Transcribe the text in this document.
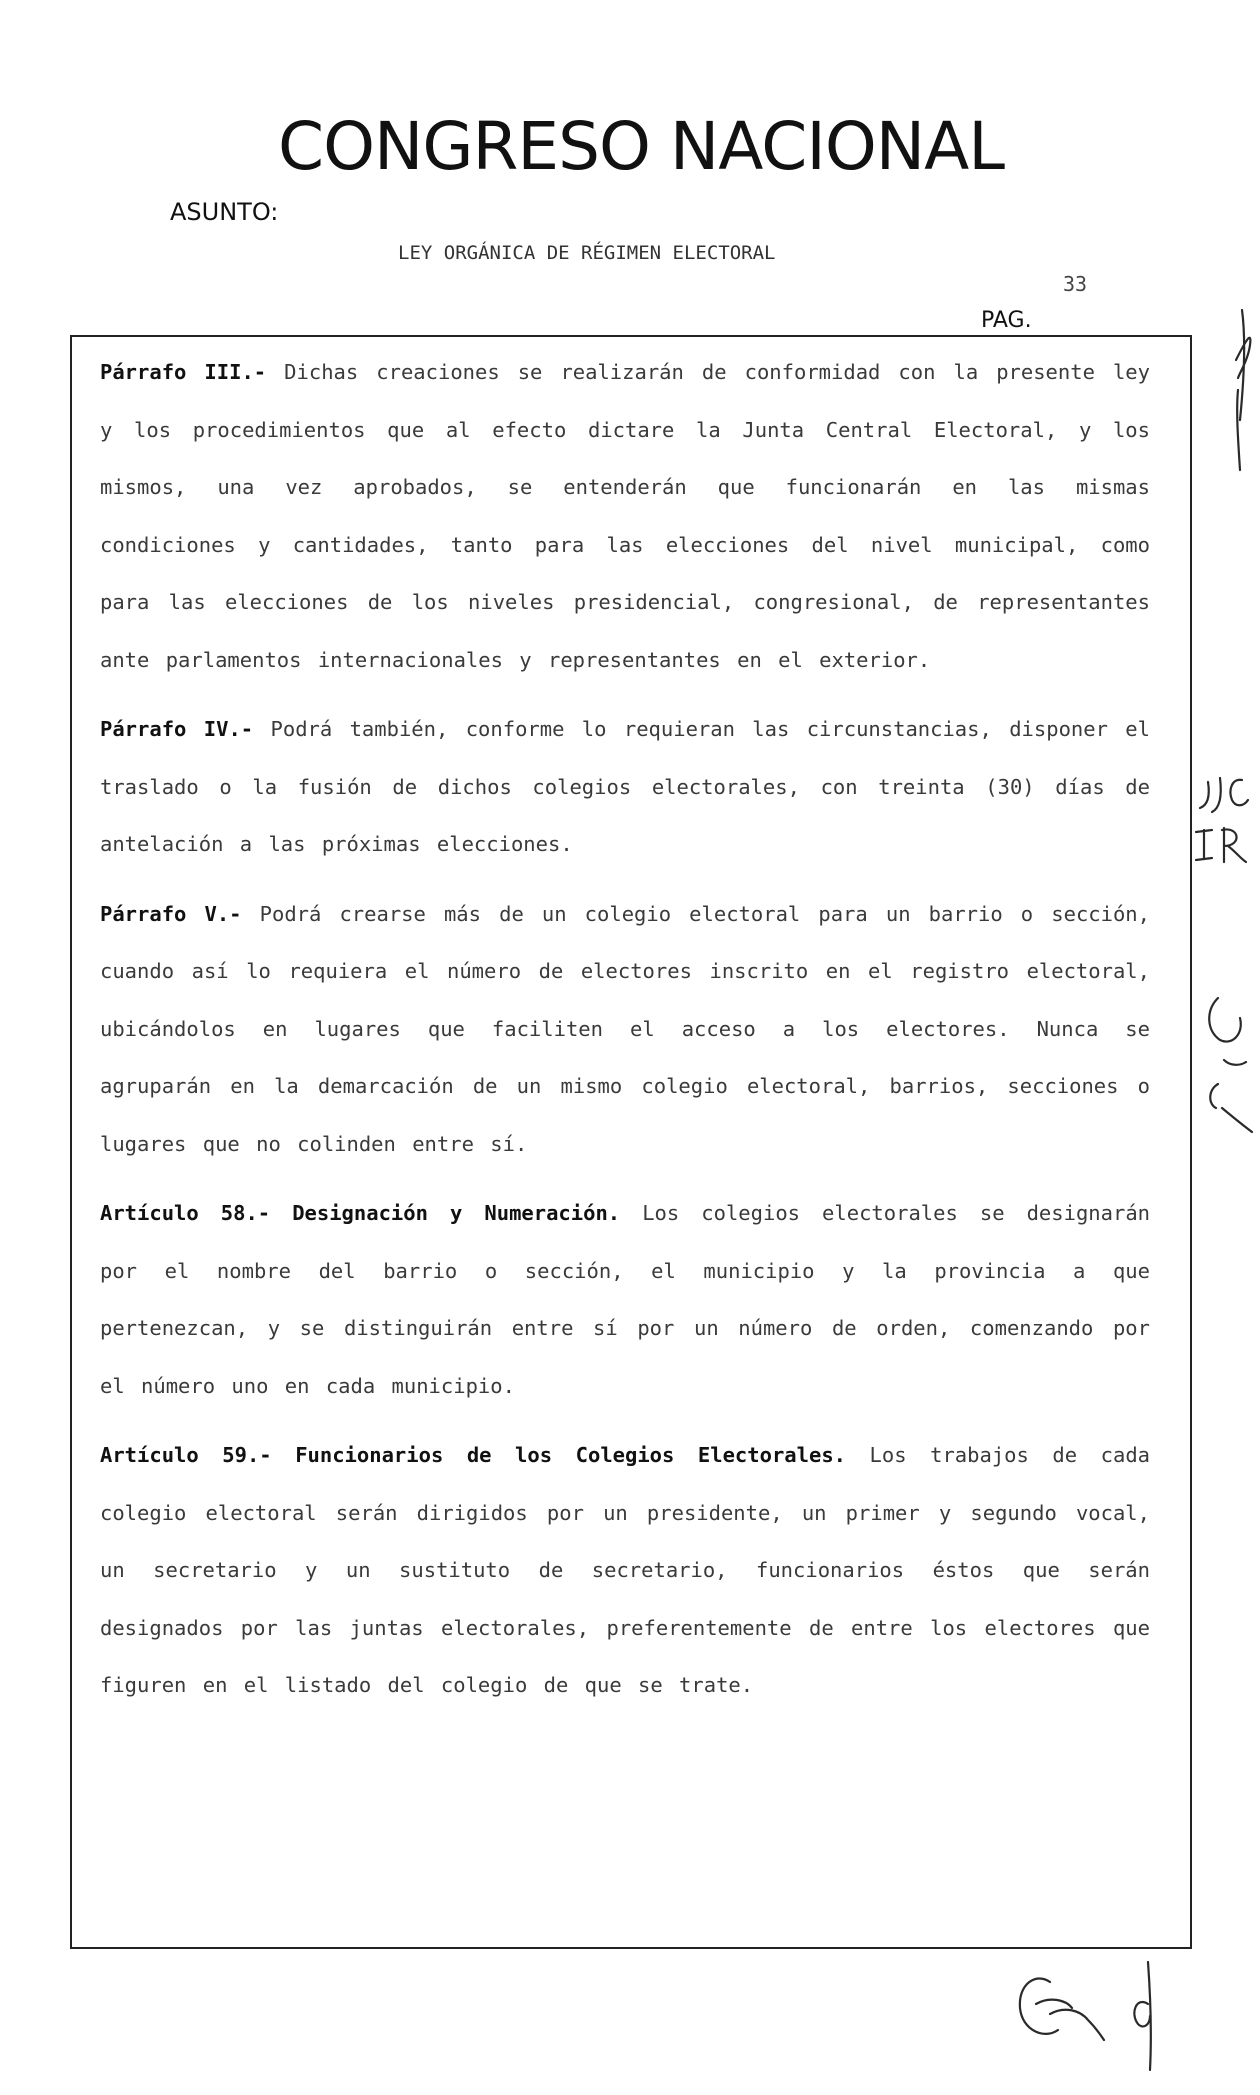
CONGRESO NACIONAL
ASUNTO:
LEY ORGÁNICA DE RÉGIMEN ELECTORAL
33
PAG.

Párrafo III.- Dichas creaciones se realizarán de conformidad con la presente ley y los procedimientos que al efecto dictare la Junta Central Electoral, y los mismos, una vez aprobados, se entenderán que funcionarán en las mismas condiciones y cantidades, tanto para las elecciones del nivel municipal, como para las elecciones de los niveles presidencial, congresional, de representantes ante parlamentos internacionales y representantes en el exterior.

Párrafo IV.- Podrá también, conforme lo requieran las circunstancias, disponer el traslado o la fusión de dichos colegios electorales, con treinta (30) días de antelación a las próximas elecciones.

Párrafo V.- Podrá crearse más de un colegio electoral para un barrio o sección, cuando así lo requiera el número de electores inscrito en el registro electoral, ubicándolos en lugares que faciliten el acceso a los electores. Nunca se agruparán en la demarcación de un mismo colegio electoral, barrios, secciones o lugares que no colinden entre sí.

Artículo 58.- Designación y Numeración. Los colegios electorales se designarán por el nombre del barrio o sección, el municipio y la provincia a que pertenezcan, y se distinguirán entre sí por un número de orden, comenzando por el número uno en cada municipio.

Artículo 59.- Funcionarios de los Colegios Electorales. Los trabajos de cada colegio electoral serán dirigidos por un presidente, un primer y segundo vocal, un secretario y un sustituto de secretario, funcionarios éstos que serán designados por las juntas electorales, preferentemente de entre los electores que figuren en el listado del colegio de que se trate.
